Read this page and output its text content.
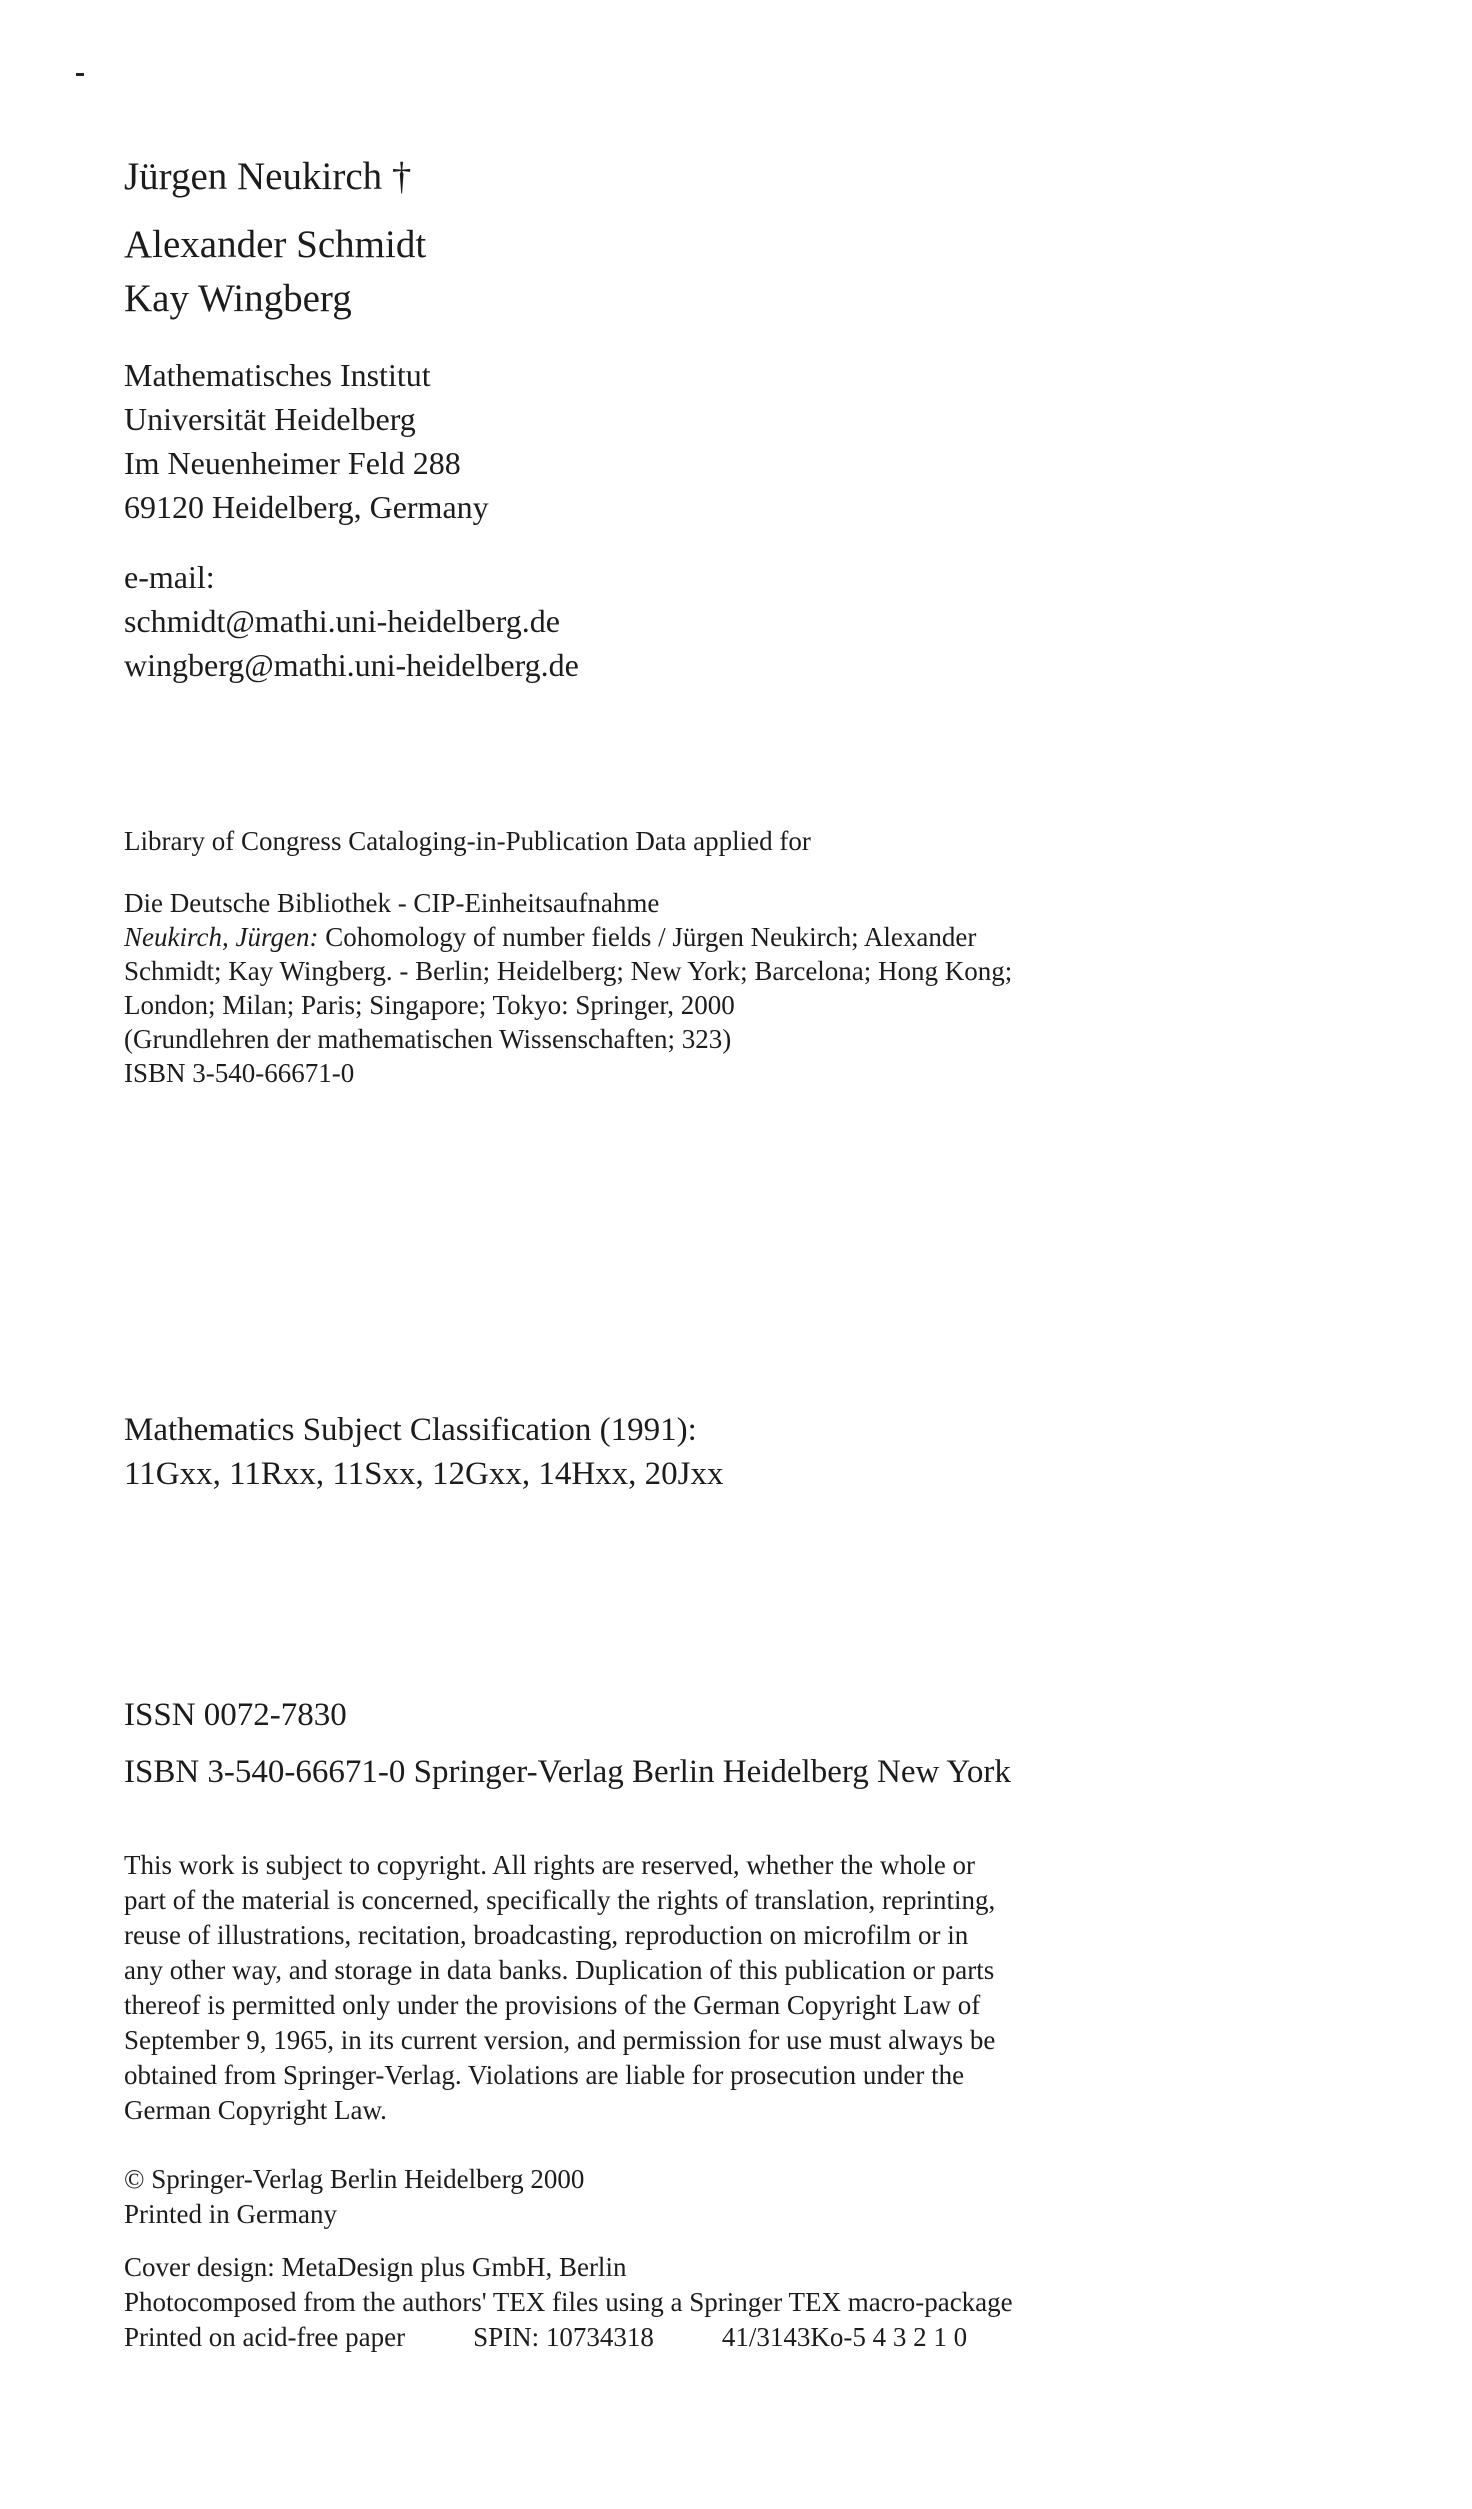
Jürgen Neukirch †
Alexander Schmidt
Kay Wingberg
Mathematisches Institut
Universität Heidelberg
Im Neuenheimer Feld 288
69120 Heidelberg, Germany
e-mail:
schmidt@mathi.uni-heidelberg.de
wingberg@mathi.uni-heidelberg.de
Library of Congress Cataloging-in-Publication Data applied for
Die Deutsche Bibliothek - CIP-Einheitsaufnahme
Neukirch, Jürgen: Cohomology of number fields / Jürgen Neukirch; Alexander
Schmidt; Kay Wingberg. - Berlin; Heidelberg; New York; Barcelona; Hong Kong;
London; Milan; Paris; Singapore; Tokyo: Springer, 2000
(Grundlehren der mathematischen Wissenschaften; 323)
ISBN 3-540-66671-0
Mathematics Subject Classification (1991):
11Gxx, 11Rxx, 11Sxx, 12Gxx, 14Hxx, 20Jxx
ISSN 0072-7830
ISBN 3-540-66671-0 Springer-Verlag Berlin Heidelberg New York
This work is subject to copyright. All rights are reserved, whether the whole or
part of the material is concerned, specifically the rights of translation, reprinting,
reuse of illustrations, recitation, broadcasting, reproduction on microfilm or in
any other way, and storage in data banks. Duplication of this publication or parts
thereof is permitted only under the provisions of the German Copyright Law of
September 9, 1965, in its current version, and permission for use must always be
obtained from Springer-Verlag. Violations are liable for prosecution under the
German Copyright Law.
© Springer-Verlag Berlin Heidelberg 2000
Printed in Germany
Cover design: MetaDesign plus GmbH, Berlin
Photocomposed from the authors' TEX files using a Springer TEX macro-package
Printed on acid-free paper	SPIN: 10734318	41/3143Ko-5 4 3 2 1 0
